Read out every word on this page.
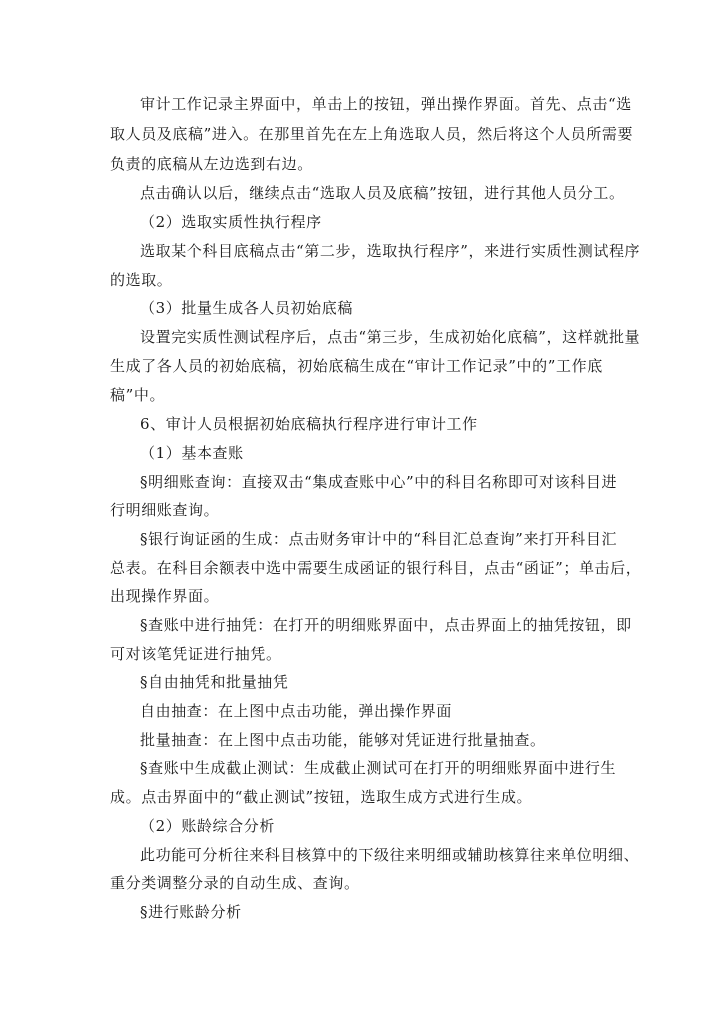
审计工作记录主界面中，单击上的按钮，弹出操作界面。首先、点击“选
取人员及底稿”进入。在那里首先在左上角选取人员，然后将这个人员所需要
负责的底稿从左边选到右边。
点击确认以后，继续点击“选取人员及底稿”按钮，进行其他人员分工。
（2）选取实质性执行程序
选取某个科目底稿点击“第二步，选取执行程序”，来进行实质性测试程序
的选取。
（3）批量生成各人员初始底稿
设置完实质性测试程序后，点击“第三步，生成初始化底稿”，这样就批量
生成了各人员的初始底稿，初始底稿生成在“审计工作记录”中的”工作底
稿”中。
6、审计人员根据初始底稿执行程序进行审计工作
（1）基本查账
§明细账查询：直接双击“集成查账中心”中的科目名称即可对该科目进
行明细账查询。
§银行询证函的生成：点击财务审计中的“科目汇总查询”来打开科目汇
总表。在科目余额表中选中需要生成函证的银行科目，点击“函证”；单击后，
出现操作界面。
§查账中进行抽凭：在打开的明细账界面中，点击界面上的抽凭按钮，即
可对该笔凭证进行抽凭。
§自由抽凭和批量抽凭
自由抽查：在上图中点击功能，弹出操作界面
批量抽查：在上图中点击功能，能够对凭证进行批量抽查。
§查账中生成截止测试：生成截止测试可在打开的明细账界面中进行生
成。点击界面中的“截止测试”按钮，选取生成方式进行生成。
（2）账龄综合分析
此功能可分析往来科目核算中的下级往来明细或辅助核算往来单位明细、
重分类调整分录的自动生成、查询。
§进行账龄分析
